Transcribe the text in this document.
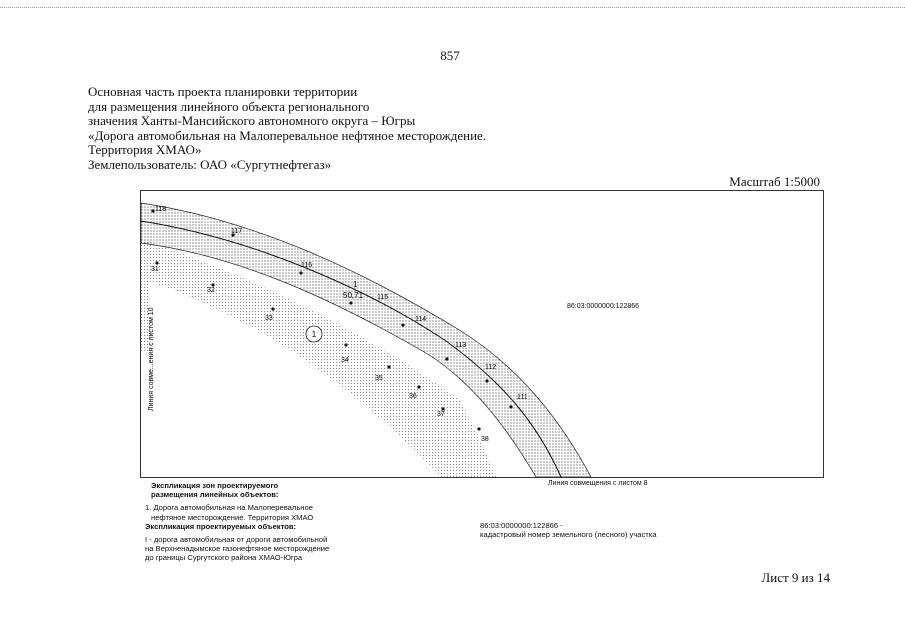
857
Основная часть проекта планировки территории
для размещения линейного объекта регионального
значения Ханты-Мансийского автономного округа – Югры
«Дорога автомобильная на Малоперевальное нефтяное месторождение.
Территория ХМАО»
Землепользователь: ОАО «Сургутнефтегаз»
Масштаб 1:5000
118
117
116
115
114
113
112
111
31
32
33
34
35
36
37
38
1
1
50,71
Линия совме...ения с листом 10
86:03:0000000:122866
Линия совмещения с листом 8
Экспликация зон проектируемого
размещения линейных объектов:
1. Дорога автомобильная на Малоперевальное
нефтяное месторождение. Территория ХМАО
Экспликация проектируемых объектов:
I - дорога автомобильная от дороги автомобильной
на Верхненадымское газонефтяное месторождение
до границы Сургутского района ХМАО-Югра
86:03:0000000:122866 -
кадастровый номер земельного (лесного) участка
Лист 9 из 14
